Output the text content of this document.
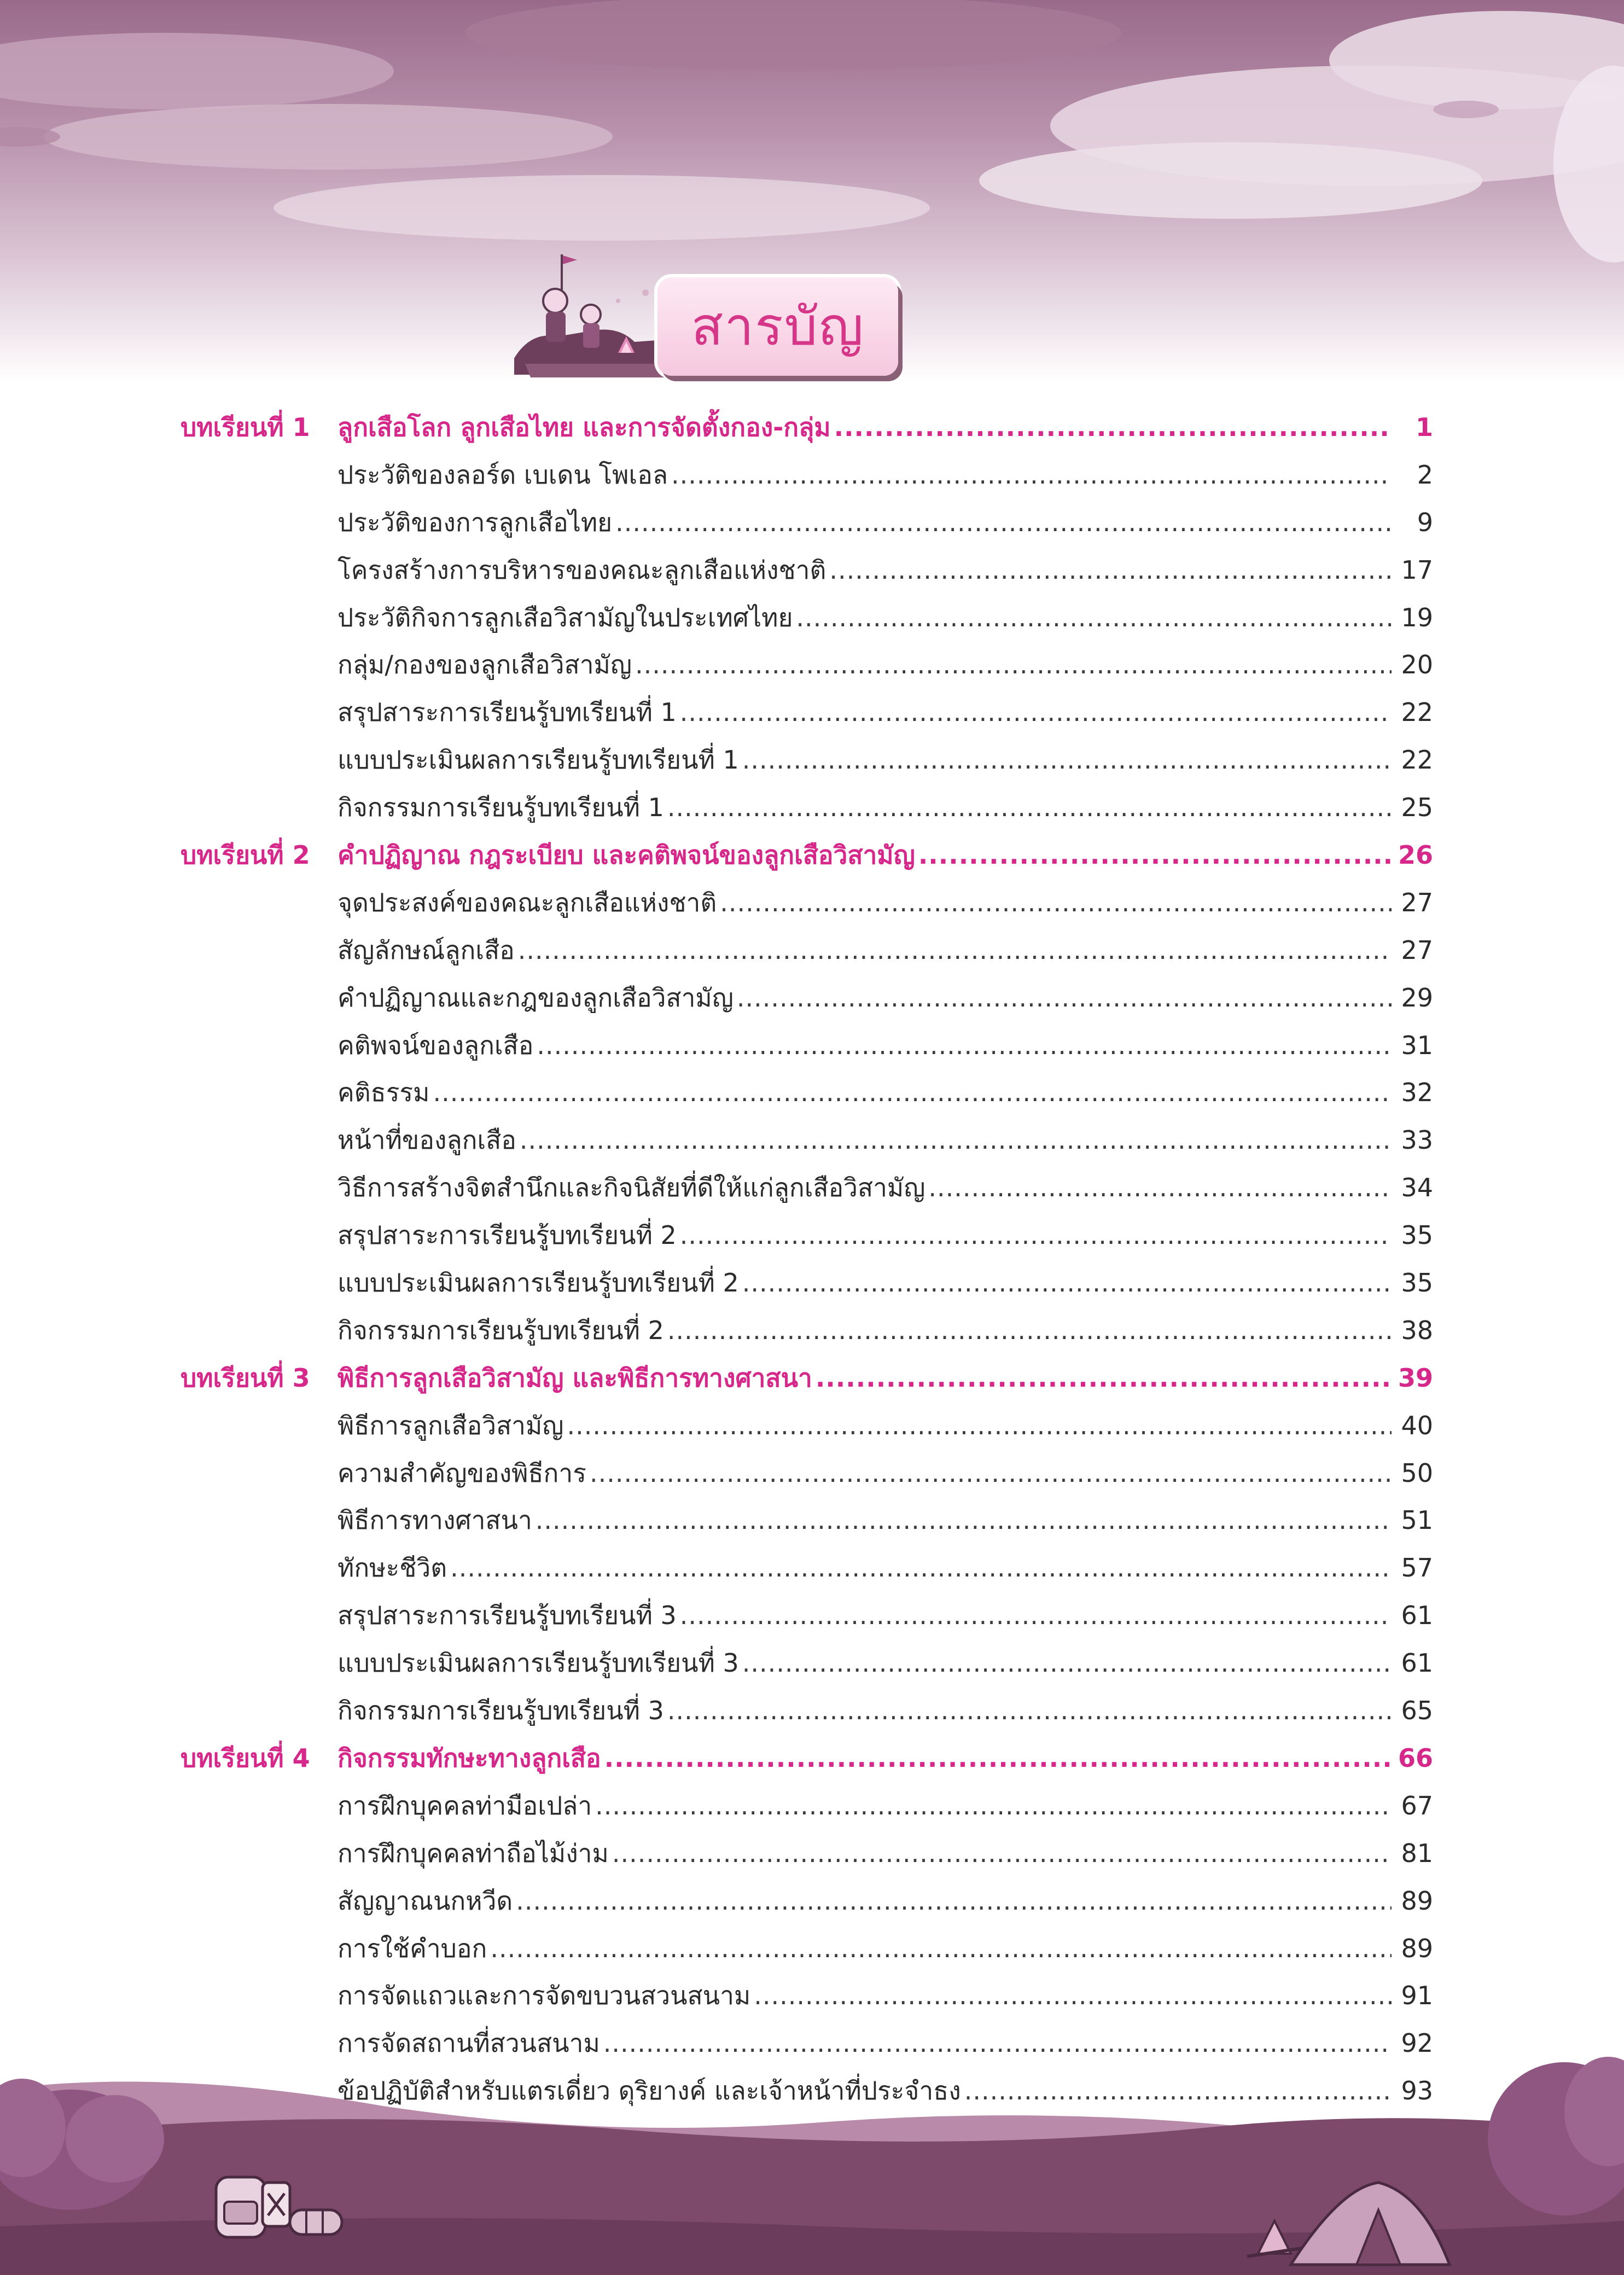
สารบัญ
บทเรียนที่ 1	ลูกเสือโลก ลูกเสือไทย และการจัดตั้งกอง-กลุ่ม .....	1
ประวัติของลอร์ด เบเดน โพเอล .....	2
ประวัติของการลูกเสือไทย .....	9
โครงสร้างการบริหารของคณะลูกเสือแห่งชาติ .....	17
ประวัติกิจการลูกเสือวิสามัญในประเทศไทย .....	19
กลุ่ม/กองของลูกเสือวิสามัญ .....	20
สรุปสาระการเรียนรู้บทเรียนที่ 1 .....	22
แบบประเมินผลการเรียนรู้บทเรียนที่ 1 .....	22
กิจกรรมการเรียนรู้บทเรียนที่ 1 .....	25
บทเรียนที่ 2	คำปฏิญาณ กฎระเบียบ และคติพจน์ของลูกเสือวิสามัญ .....	26
จุดประสงค์ของคณะลูกเสือแห่งชาติ .....	27
สัญลักษณ์ลูกเสือ .....	27
คำปฏิญาณและกฎของลูกเสือวิสามัญ .....	29
คติพจน์ของลูกเสือ .....	31
คติธรรม .....	32
หน้าที่ของลูกเสือ .....	33
วิธีการสร้างจิตสำนึกและกิจนิสัยที่ดีให้แก่ลูกเสือวิสามัญ .....	34
สรุปสาระการเรียนรู้บทเรียนที่ 2 .....	35
แบบประเมินผลการเรียนรู้บทเรียนที่ 2 .....	35
กิจกรรมการเรียนรู้บทเรียนที่ 2 .....	38
บทเรียนที่ 3	พิธีการลูกเสือวิสามัญ และพิธีการทางศาสนา .....	39
พิธีการลูกเสือวิสามัญ .....	40
ความสำคัญของพิธีการ .....	50
พิธีการทางศาสนา .....	51
ทักษะชีวิต .....	57
สรุปสาระการเรียนรู้บทเรียนที่ 3 .....	61
แบบประเมินผลการเรียนรู้บทเรียนที่ 3 .....	61
กิจกรรมการเรียนรู้บทเรียนที่ 3 .....	65
บทเรียนที่ 4	กิจกรรมทักษะทางลูกเสือ .....	66
การฝึกบุคคลท่ามือเปล่า .....	67
การฝึกบุคคลท่าถือไม้ง่าม .....	81
สัญญาณนกหวีด .....	89
การใช้คำบอก .....	89
การจัดแถวและการจัดขบวนสวนสนาม .....	91
การจัดสถานที่สวนสนาม .....	92
ข้อปฏิบัติสำหรับแตรเดี่ยว ดุริยางค์ และเจ้าหน้าที่ประจำธง .....	93
